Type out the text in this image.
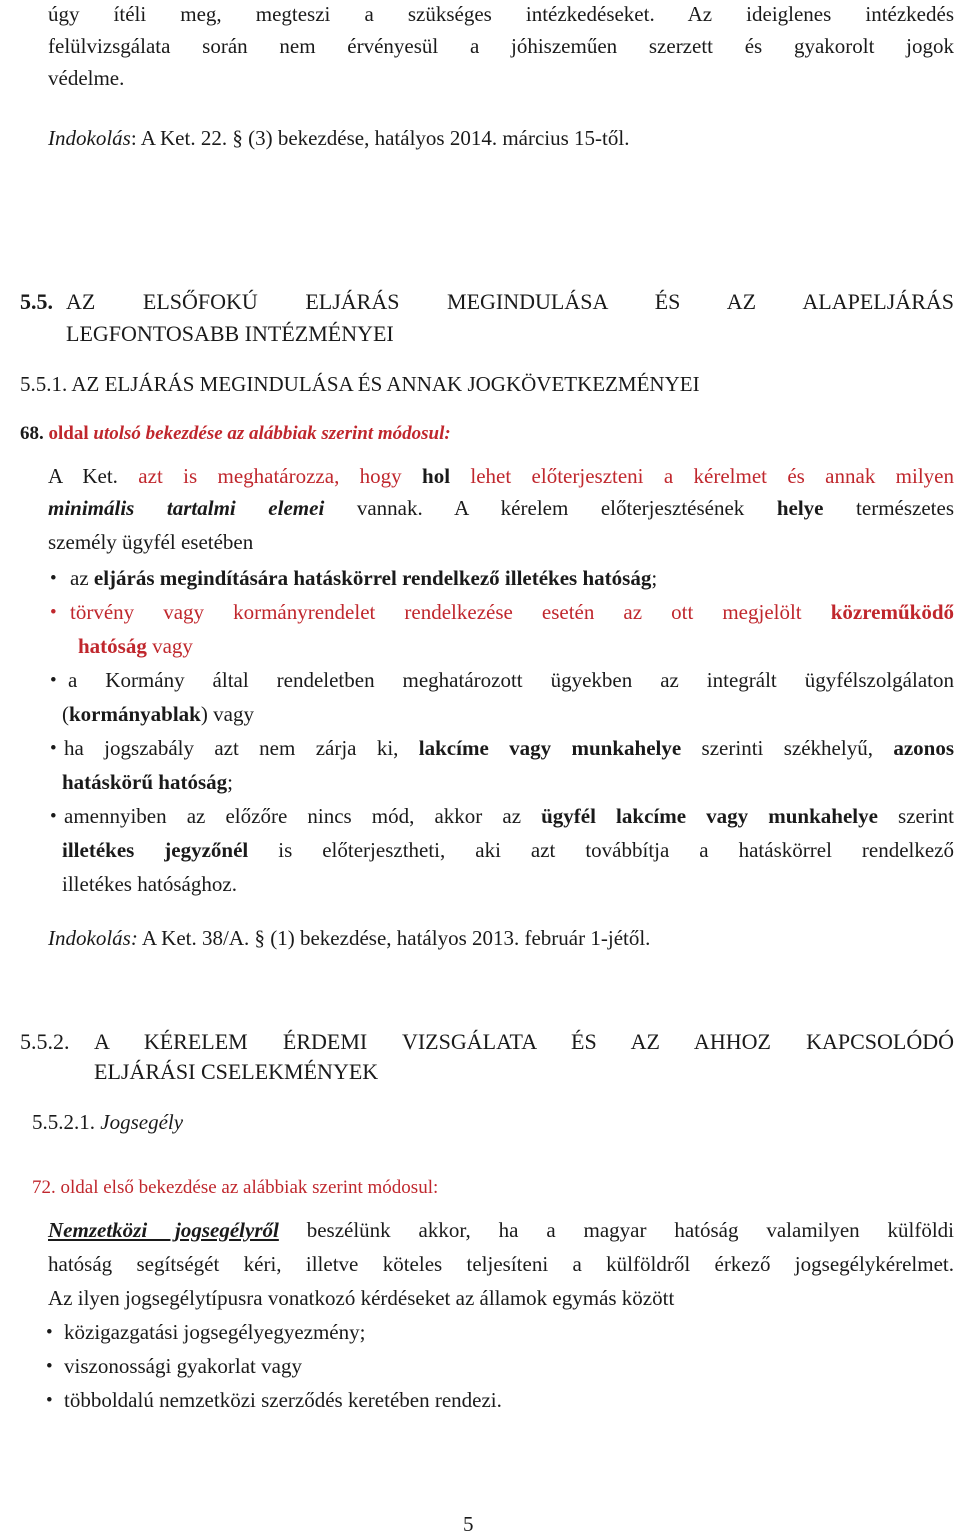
úgy ítéli meg, megteszi a szükséges intézkedéseket. Az ideiglenes intézkedés
felülvizsgálata során nem érvényesül a jóhiszeműen szerzett és gyakorolt jogok
védelme.
Indokolás: A Ket. 22. § (3) bekezdése, hatályos 2014. március 15-től.
5.5. AZ ELSŐFOKÚ ELJÁRÁS MEGINDULÁSA ÉS AZ ALAPELJÁRÁS
LEGFONTOSABB INTÉZMÉNYEI
5.5.1. AZ ELJÁRÁS MEGINDULÁSA ÉS ANNAK JOGKÖVETKEZMÉNYEI
68. oldal utolsó bekezdése az alábbiak szerint módosul:
A Ket. azt is meghatározza, hogy hol lehet előterjeszteni a kérelmet és annak milyen
minimális tartalmi elemei vannak. A kérelem előterjesztésének helye természetes
személy ügyfél esetében
• az eljárás megindítására hatáskörrel rendelkező illetékes hatóság;
• törvény vagy kormányrendelet rendelkezése esetén az ott megjelölt közreműködő
hatóság vagy
• a Kormány által rendeletben meghatározott ügyekben az integrált ügyfélszolgálaton
(kormányablak) vagy
• ha jogszabály azt nem zárja ki, lakcíme vagy munkahelye szerinti székhelyű, azonos
hatáskörű hatóság;
• amennyiben az előzőre nincs mód, akkor az ügyfél lakcíme vagy munkahelye szerint
illetékes jegyzőnél is előterjesztheti, aki azt továbbítja a hatáskörrel rendelkező
illetékes hatósághoz.
Indokolás: A Ket. 38/A. § (1) bekezdése, hatályos 2013. február 1-jétől.
5.5.2. A KÉRELEM ÉRDEMI VIZSGÁLATA ÉS AZ AHHOZ KAPCSOLÓDÓ
ELJÁRÁSI CSELEKMÉNYEK
5.5.2.1. Jogsegély
72. oldal első bekezdése az alábbiak szerint módosul:
Nemzetközi jogsegélyről beszélünk akkor, ha a magyar hatóság valamilyen külföldi
hatóság segítségét kéri, illetve köteles teljesíteni a külföldről érkező jogsegélykérelmet.
Az ilyen jogsegélytípusra vonatkozó kérdéseket az államok egymás között
• közigazgatási jogsegélyegyezmény;
• viszonossági gyakorlat vagy
• többoldalú nemzetközi szerződés keretében rendezi.
5
